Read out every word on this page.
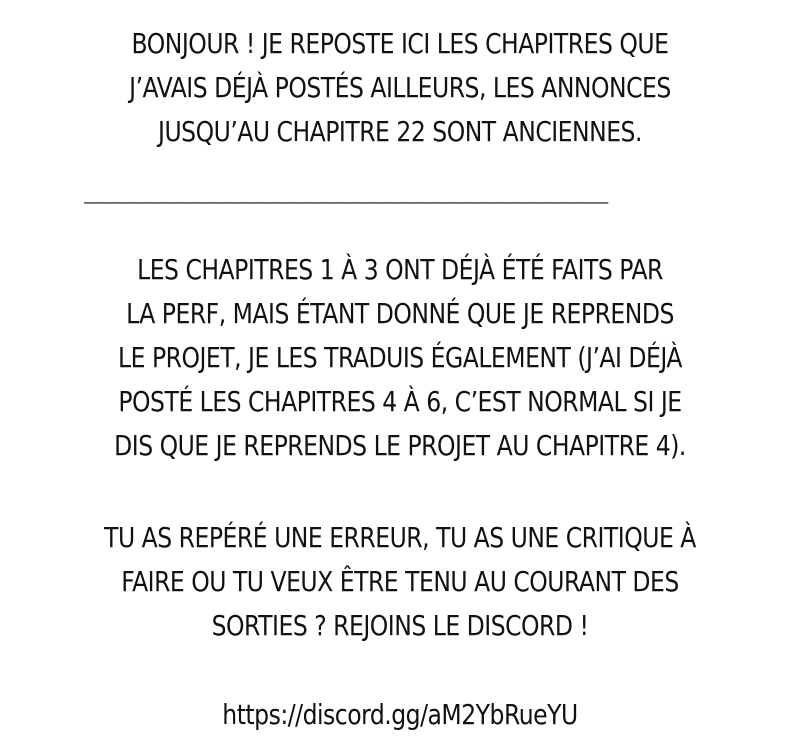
BONJOUR ! JE REPOSTE ICI LES CHAPITRES QUE
J’AVAIS DÉJÀ POSTÉS AILLEURS, LES ANNONCES
JUSQU’AU CHAPITRE 22 SONT ANCIENNES.
_________________________________
LES CHAPITRES 1 À 3 ONT DÉJÀ ÉTÉ FAITS PAR
LA PERF, MAIS ÉTANT DONNÉ QUE JE REPRENDS
LE PROJET, JE LES TRADUIS ÉGALEMENT (J’AI DÉJÀ
POSTÉ LES CHAPITRES 4 À 6, C’EST NORMAL SI JE
DIS QUE JE REPRENDS LE PROJET AU CHAPITRE 4).
TU AS REPÉRÉ UNE ERREUR, TU AS UNE CRITIQUE À
FAIRE OU TU VEUX ÊTRE TENU AU COURANT DES
SORTIES ? REJOINS LE DISCORD !
https://discord.gg/aM2YbRueYU
